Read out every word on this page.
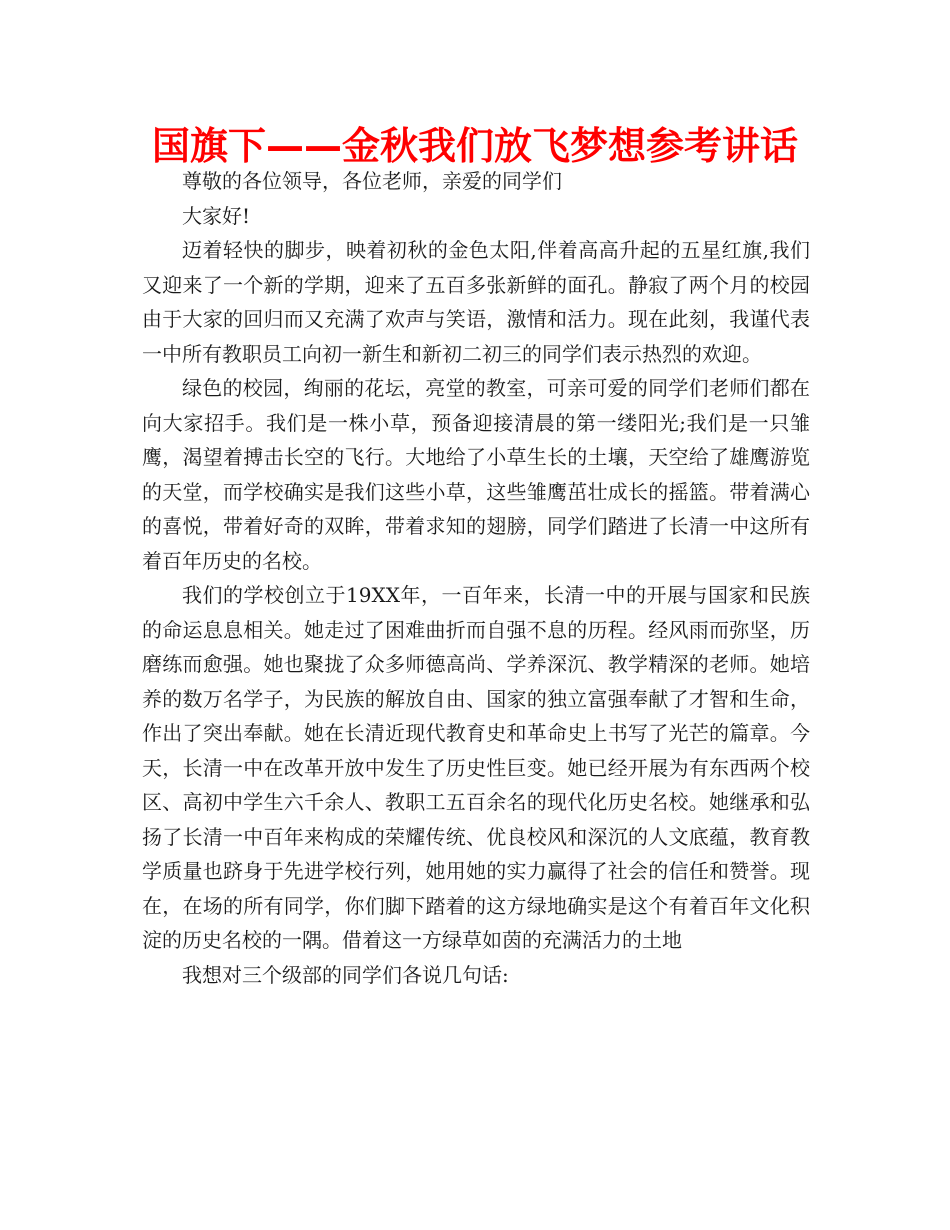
国旗下——金秋我们放飞梦想参考讲话

尊敬的各位领导，各位老师，亲爱的同学们

大家好!

迈着轻快的脚步，映着初秋的金色太阳,伴着高高升起的五星红旗,我们又迎来了一个新的学期，迎来了五百多张新鲜的面孔。静寂了两个月的校园由于大家的回归而又充满了欢声与笑语，激情和活力。现在此刻，我谨代表一中所有教职员工向初一新生和新初二初三的同学们表示热烈的欢迎。

绿色的校园，绚丽的花坛，亮堂的教室，可亲可爱的同学们老师们都在向大家招手。我们是一株小草，预备迎接清晨的第一缕阳光;我们是一只雏鹰，渴望着搏击长空的飞行。大地给了小草生长的土壤，天空给了雄鹰游览的天堂，而学校确实是我们这些小草，这些雏鹰茁壮成长的摇篮。带着满心的喜悦，带着好奇的双眸，带着求知的翅膀，同学们踏进了长清一中这所有着百年历史的名校。

我们的学校创立于19XX年，一百年来，长清一中的开展与国家和民族的命运息息相关。她走过了困难曲折而自强不息的历程。经风雨而弥坚，历磨练而愈强。她也聚拢了众多师德高尚、学养深沉、教学精深的老师。她培养的数万名学子，为民族的解放自由、国家的独立富强奉献了才智和生命，作出了突出奉献。她在长清近现代教育史和革命史上书写了光芒的篇章。今天，长清一中在改革开放中发生了历史性巨变。她已经开展为有东西两个校区、高初中学生六千余人、教职工五百余名的现代化历史名校。她继承和弘扬了长清一中百年来构成的荣耀传统、优良校风和深沉的人文底蕴，教育教学质量也跻身于先进学校行列，她用她的实力赢得了社会的信任和赞誉。现在，在场的所有同学，你们脚下踏着的这方绿地确实是这个有着百年文化积淀的历史名校的一隅。借着这一方绿草如茵的充满活力的土地

我想对三个级部的同学们各说几句话:
